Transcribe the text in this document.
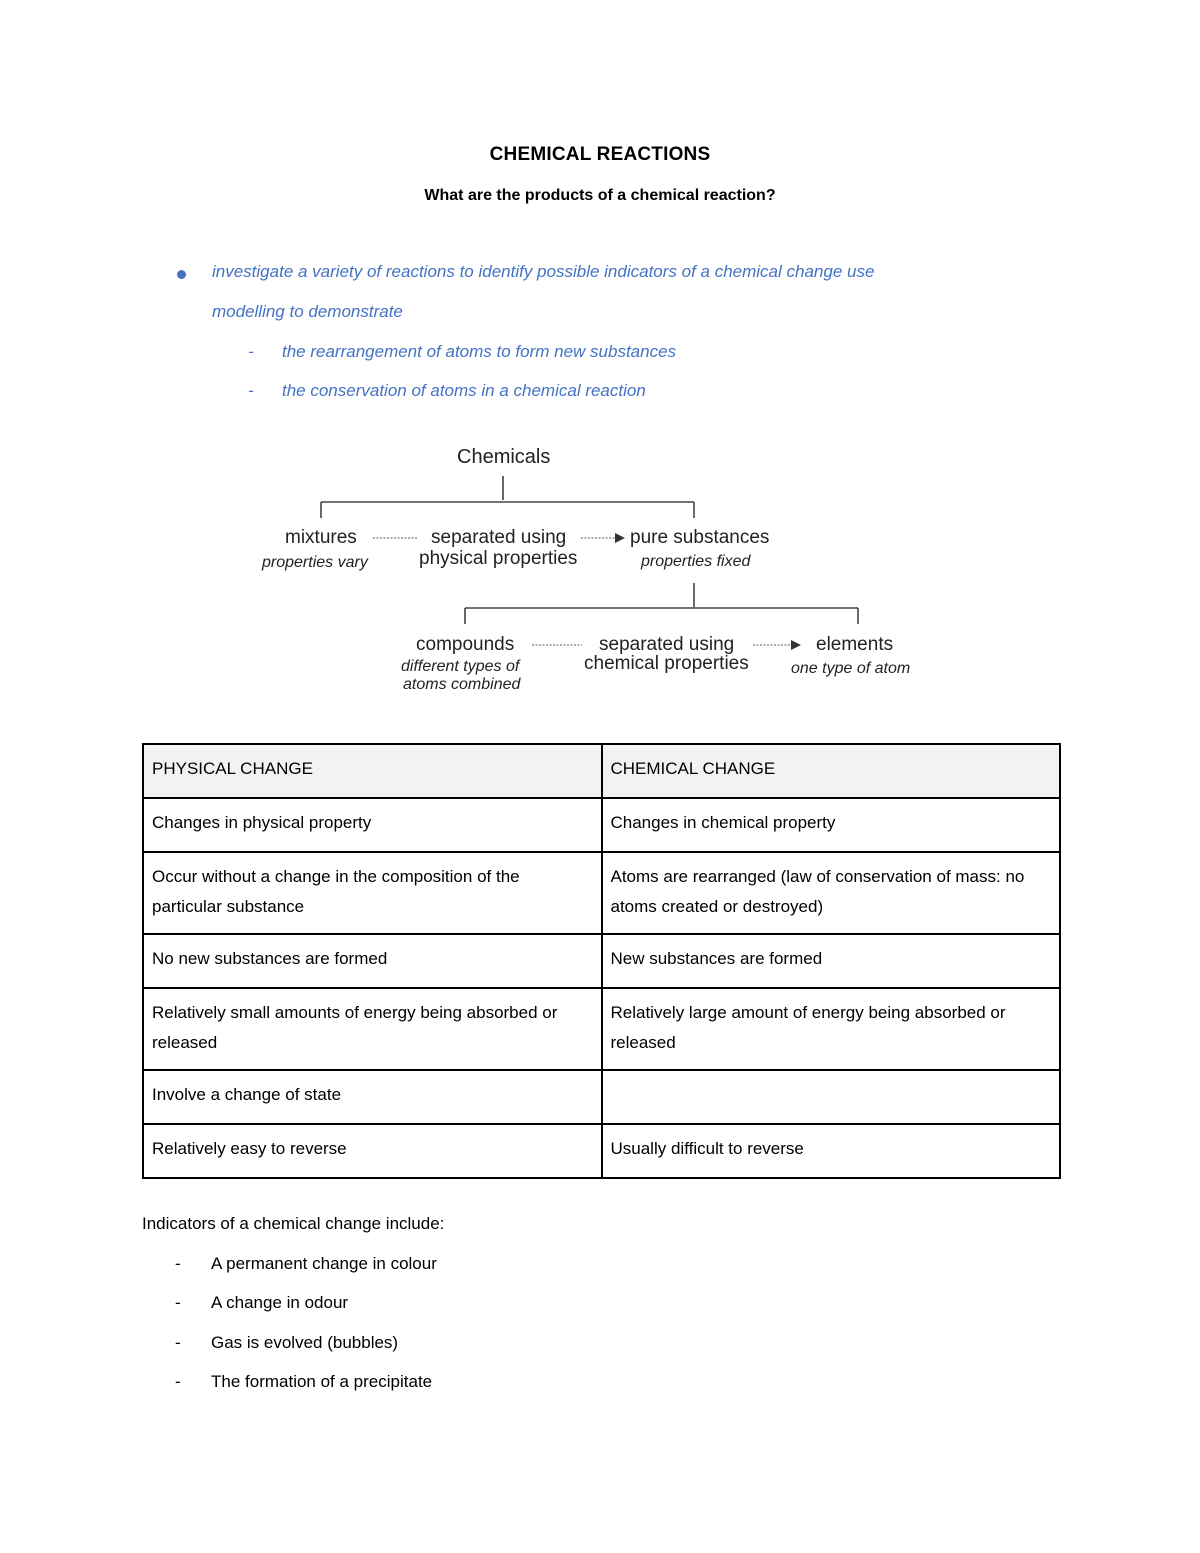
CHEMICAL REACTIONS
What are the products of a chemical reaction?
investigate a variety of reactions to identify possible indicators of a chemical change use
modelling to demonstrate
- the rearrangement of atoms to form new substances
- the conservation of atoms in a chemical reaction
Chemicals
mixtures
properties vary
separated using
physical properties
pure substances
properties fixed
compounds
different types of
atoms combined
separated using
chemical properties
elements
one type of atom
PHYSICAL CHANGE	CHEMICAL CHANGE
Changes in physical property	Changes in chemical property
Occur without a change in the composition of the particular substance	Atoms are rearranged (law of conservation of mass: no atoms created or destroyed)
No new substances are formed	New substances are formed
Relatively small amounts of energy being absorbed or released	Relatively large amount of energy being absorbed or released
Involve a change of state	
Relatively easy to reverse	Usually difficult to reverse
Indicators of a chemical change include:
- A permanent change in colour
- A change in odour
- Gas is evolved (bubbles)
- The formation of a precipitate
